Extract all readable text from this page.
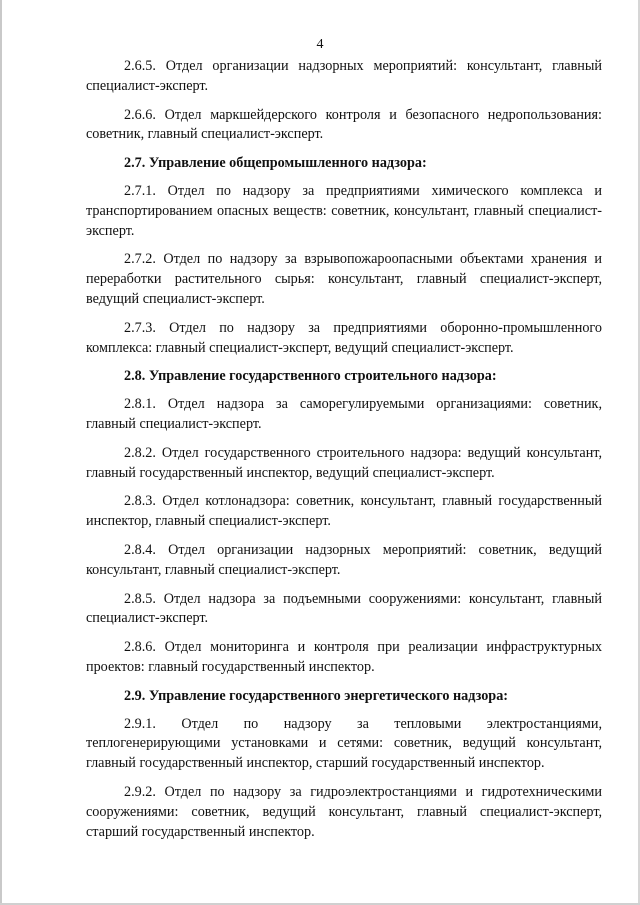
4

2.6.5. Отдел организации надзорных мероприятий: консультант, главный специалист-эксперт.

2.6.6. Отдел маркшейдерского контроля и безопасного недропользования: советник, главный специалист-эксперт.

2.7. Управление общепромышленного надзора:

2.7.1. Отдел по надзору за предприятиями химического комплекса и транспортированием опасных веществ: советник, консультант, главный специалист-эксперт.

2.7.2. Отдел по надзору за взрывопожароопасными объектами хранения и переработки растительного сырья: консультант, главный специалист-эксперт, ведущий специалист-эксперт.

2.7.3. Отдел по надзору за предприятиями оборонно-промышленного комплекса: главный специалист-эксперт, ведущий специалист-эксперт.

2.8. Управление государственного строительного надзора:

2.8.1. Отдел надзора за саморегулируемыми организациями: советник, главный специалист-эксперт.

2.8.2. Отдел государственного строительного надзора: ведущий консультант, главный государственный инспектор, ведущий специалист-эксперт.

2.8.3. Отдел котлонадзора: советник, консультант, главный государственный инспектор, главный специалист-эксперт.

2.8.4. Отдел организации надзорных мероприятий: советник, ведущий консультант, главный специалист-эксперт.

2.8.5. Отдел надзора за подъемными сооружениями: консультант, главный специалист-эксперт.

2.8.6. Отдел мониторинга и контроля при реализации инфраструктурных проектов: главный государственный инспектор.

2.9. Управление государственного энергетического надзора:

2.9.1. Отдел по надзору за тепловыми электростанциями, теплогенерирующими установками и сетями: советник, ведущий консультант, главный государственный инспектор, старший государственный инспектор.

2.9.2. Отдел по надзору за гидроэлектростанциями и гидротехническими сооружениями: советник, ведущий консультант, главный специалист-эксперт, старший государственный инспектор.
